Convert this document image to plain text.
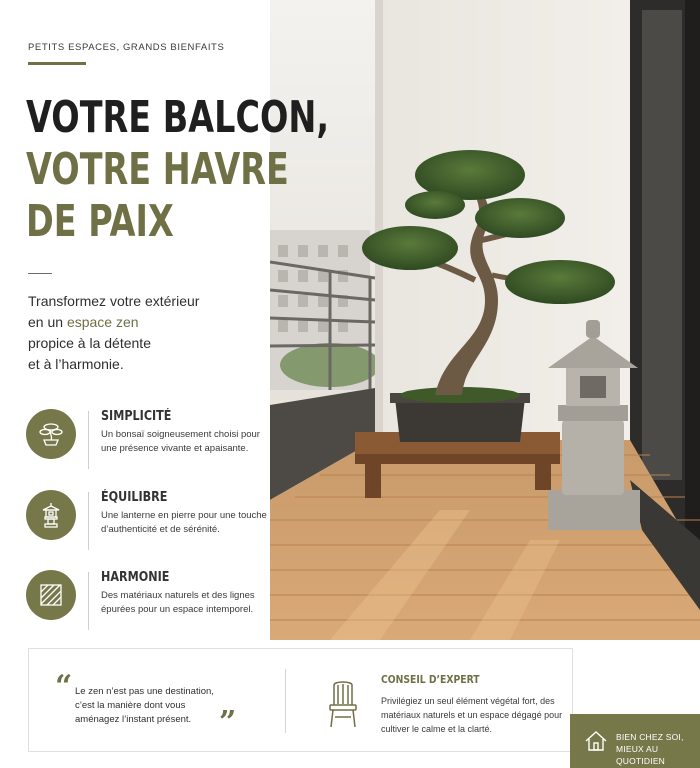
PETITS ESPACES, GRANDS BIENFAITS
VOTRE BALCON,
VOTRE HAVRE
DE PAIX

Transformez votre extérieur
en un espace zen
propice à la détente
et à l’harmonie.

SIMPLICITÉ
Un bonsaï soigneusement choisi pour une présence vivante et apaisante.
ÉQUILIBRE
Une lanterne en pierre pour une touche d’authenticité et de sérénité.
HARMONIE
Des matériaux naturels et des lignes épurées pour un espace intemporel.
“ Le zen n’est pas une destination, c’est la manière dont vous aménagez l’instant présent. ”
CONSEIL D’EXPERT
Privilégiez un seul élément végétal fort, des matériaux naturels et un espace dégagé pour cultiver le calme et la clarté.
BIEN CHEZ SOI,
MIEUX AU QUOTIDIEN
